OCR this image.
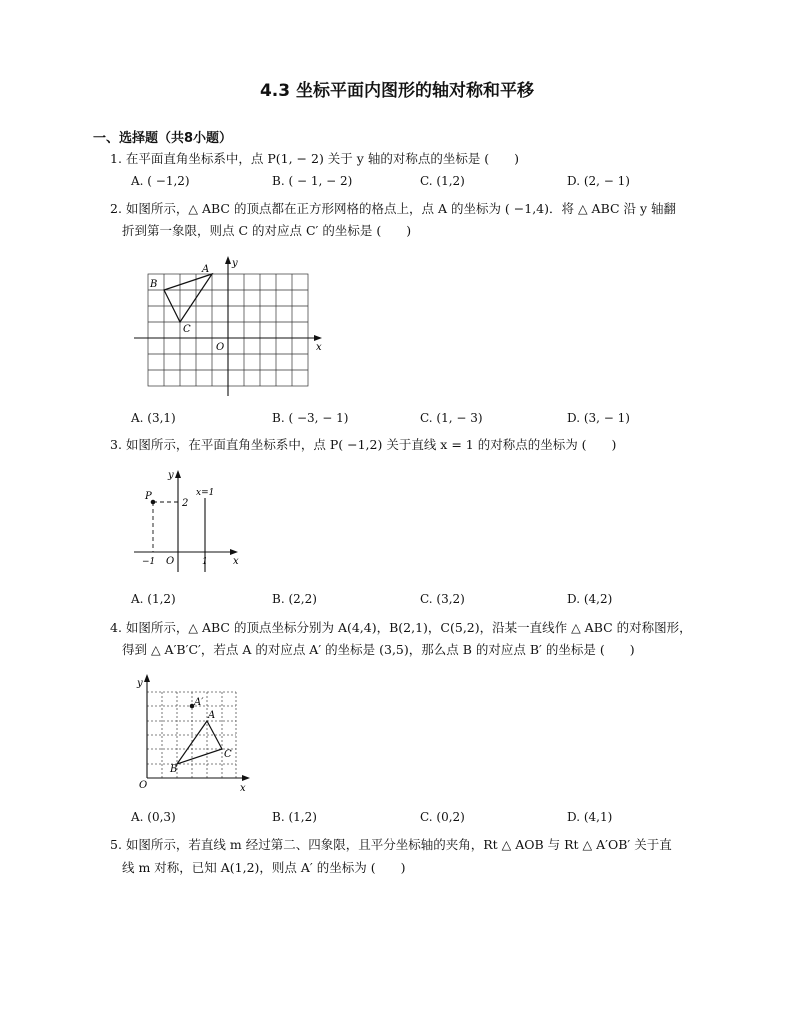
4.3 坐标平面内图形的轴对称和平移
一、选择题（共8小题）
1. 在平面直角坐标系中，点 P(1, − 2) 关于 y 轴的对称点的坐标是 (　　)
A. ( −1,2)	B. ( − 1, − 2)	C. (1,2)	D. (2, − 1)
2. 如图所示，△ ABC 的顶点都在正方形网格的格点上，点 A 的坐标为 ( −1,4)．将 △ ABC 沿 y 轴翻
折到第一象限，则点 C 的对应点 C′ 的坐标是 (　　)
A
B
C
O	x
y
A. (3,1)	B. ( −3, − 1)	C. (1, − 3)	D. (3, − 1)
3. 如图所示，在平面直角坐标系中，点 P( −1,2) 关于直线 x = 1 的对称点的坐标为 (　　)
P
2
x=1
O
−1	1	x
y
A. (1,2)	B. (2,2)	C. (3,2)	D. (4,2)
4. 如图所示，△ ABC 的顶点坐标分别为 A(4,4)，B(2,1)，C(5,2)，沿某一直线作 △ ABC 的对称图形，
得到 △ A′B′C′，若点 A 的对应点 A′ 的坐标是 (3,5)，那么点 B 的对应点 B′ 的坐标是 (　　)
A′
A
B
C
O	x
y
A. (0,3)	B. (1,2)	C. (0,2)	D. (4,1)
5. 如图所示，若直线 m 经过第二、四象限，且平分坐标轴的夹角，Rt △ AOB 与 Rt △ A′OB′ 关于直
线 m 对称，已知 A(1,2)，则点 A′ 的坐标为 (　　)
